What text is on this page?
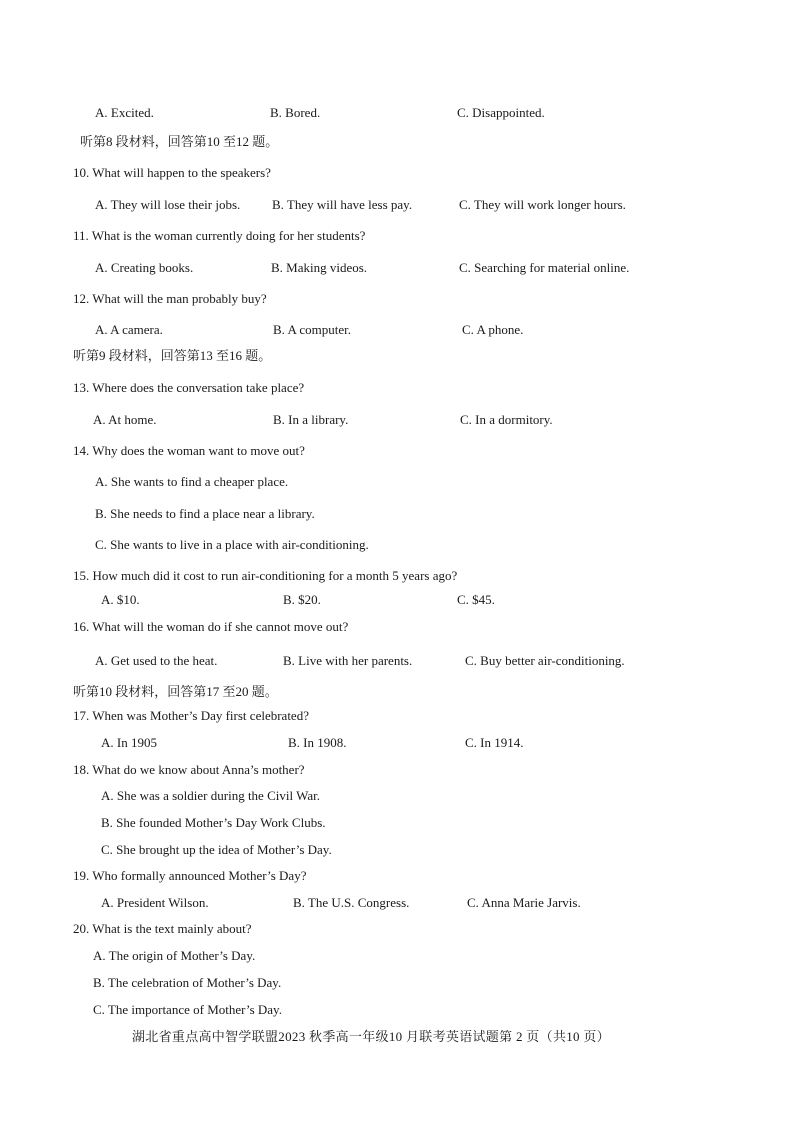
A. Excited.	B. Bored.	C. Disappointed.
听第8 段材料，回答第10 至12 题。
10. What will happen to the speakers?
A. They will lose their jobs. B. They will have less pay.	C. They will work longer hours.
11. What is the woman currently doing for her students?
A. Creating books.	B. Making videos.	C. Searching for material online.
12. What will the man probably buy?
A. A camera.	B. A computer.	C. A phone.
听第9 段材料，回答第13 至16 题。
13. Where does the conversation take place?
A. At home.	B. In a library.	C. In a dormitory.
14. Why does the woman want to move out?
A. She wants to find a cheaper place.
B. She needs to find a place near a library.
C. She wants to live in a place with air-conditioning.
15. How much did it cost to run air-conditioning for a month 5 years ago?
A. $10.	B. $20.	C. $45.
16. What will the woman do if she cannot move out?
A. Get used to the heat.	B. Live with her parents.	C. Buy better air-conditioning.
听第10 段材料，回答第17 至20 题。
17. When was Mother’s Day first celebrated?
A. In 1905	B. In 1908.	C. In 1914.
18. What do we know about Anna’s mother?
A. She was a soldier during the Civil War.
B. She founded Mother’s Day Work Clubs.
C. She brought up the idea of Mother’s Day.
19. Who formally announced Mother’s Day?
A. President Wilson.	B. The U.S. Congress.	C. Anna Marie Jarvis.
20. What is the text mainly about?
A. The origin of Mother’s Day.
B. The celebration of Mother’s Day.
C. The importance of Mother’s Day.
湖北省重点高中智学联盟2023 秋季高一年级10 月联考英语试题第 2 页（共10 页）
